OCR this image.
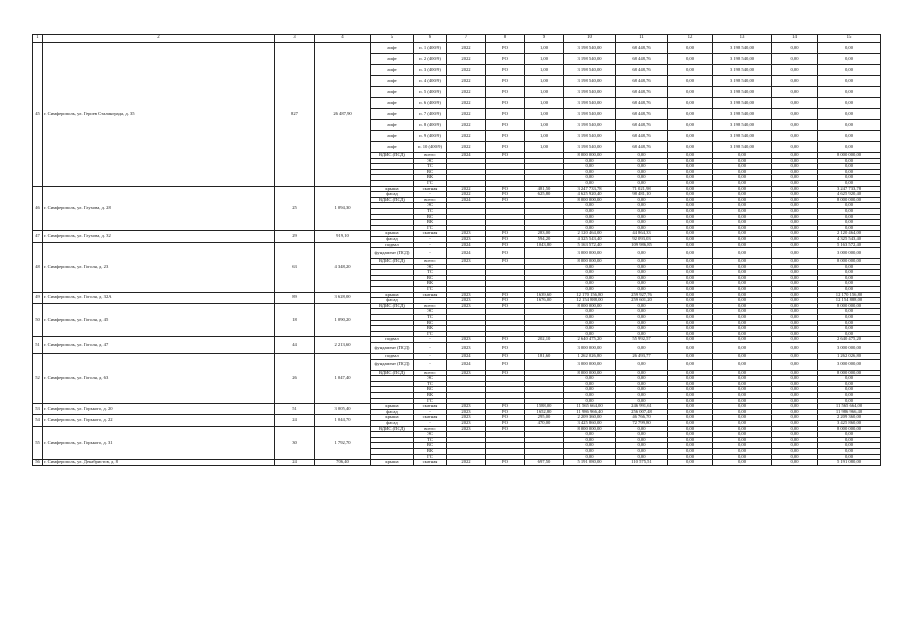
1	2	3	4	5	6	7	8	9	10	11	12	13	14	15
45	г. Симферополь, ул. Героев Сталинграда, д. 35	827	26 487,90	лифт	п. 1 (400/9)	2022	РО	1,00	3 198 540,00	68 448,76	0,00	3 198 540,00	0,00	0,00
				лифт	п. 2 (400/9)	2022	РО	1,00	3 198 540,00	68 448,76	0,00	3 198 540,00	0,00	0,00
				лифт	п. 3 (400/9)	2022	РО	1,00	3 198 540,00	68 448,76	0,00	3 198 540,00	0,00	0,00
				лифт	п. 4 (400/9)	2022	РО	1,00	3 198 540,00	68 448,76	0,00	3 198 540,00	0,00	0,00
				лифт	п. 5 (400/9)	2022	РО	1,00	3 198 540,00	68 448,76	0,00	3 198 540,00	0,00	0,00
				лифт	п. 6 (400/9)	2022	РО	1,00	3 198 540,00	68 448,76	0,00	3 198 540,00	0,00	0,00
				лифт	п. 7 (400/9)	2022	РО	1,00	3 198 540,00	68 448,76	0,00	3 198 540,00	0,00	0,00
				лифт	п. 8 (400/9)	2022	РО	1,00	3 198 540,00	68 448,76	0,00	3 198 540,00	0,00	0,00
				лифт	п. 9 (400/9)	2022	РО	1,00	3 198 540,00	68 448,76	0,00	3 198 540,00	0,00	0,00
				лифт	п. 10 (400/9)	2022	РО	1,00	3 198 540,00	68 448,76	0,00	3 198 540,00	0,00	0,00
				ВДИС (ПСД)	всего:	2024	РО		8 000 000,00	0,00	0,00	0,00	0,00	8 000 000,00
					ЭС				0,00	0,00	0,00	0,00	0,00	0,00
					ТС				0,00	0,00	0,00	0,00	0,00	0,00
					ВС				0,00	0,00	0,00	0,00	0,00	0,00
					ВК				0,00	0,00	0,00	0,00	0,00	0,00
					ГС				0,00	0,00	0,00	0,00	0,00	0,00
46	г. Симферополь, ул. Глухова, д. 28	25	1 094,30	крыша	скатная	2022	РО	481,50	3 247 733,78	71 021,98	0,00	0,00	0,00	3 247 733,78
				фасад	-	2022	РО	625,80	4 625 920,40	98 481,10	0,00	0,00	0,00	4 625 920,40
				ВДИС (ПСД)	всего:	2024	РО		8 000 000,00	0,00	0,00	0,00	0,00	8 000 000,00
					ЭС				0,00	0,00	0,00	0,00	0,00	0,00
					ТС				0,00	0,00	0,00	0,00	0,00	0,00
					ВС				0,00	0,00	0,00	0,00	0,00	0,00
					ВК				0,00	0,00	0,00	0,00	0,00	0,00
					ГС				0,00	0,00	0,00	0,00	0,00	0,00
47	г. Симферополь, ул. Глухова, д. 32	29	919,10	крыша	скатная	2023	РО	283,00	2 120 464,00	44 864,33	0,00	0,00	0,00	2 120 464,00
				фасад	-	2023	РО	594,20	4 325 543,40	92 093,03	0,00	0,00	0,00	4 325 543,40
48	г. Симферополь, ул. Гоголя, д. 23	63	4 348,20	подвал	-	2024	РО	1043,80	5 163 572,40	109 986,85	0,00	0,00	0,00	5 163 572,40
				фундамент (ПСД)	-	2024	РО		3 000 000,00	0,00	0,00	0,00	0,00	3 000 000,00
				ВДИС (ПСД)	всего:	2023	РО		8 000 000,00	0,00	0,00	0,00	0,00	8 000 000,00
					ЭС				0,00	0,00	0,00	0,00	0,00	0,00
					ТС				0,00	0,00	0,00	0,00	0,00	0,00
					ВС				0,00	0,00	0,00	0,00	0,00	0,00
					ВК				0,00	0,00	0,00	0,00	0,00	0,00
					ГС				0,00	0,00	0,00	0,00	0,00	0,00
49	г. Симферополь, ул. Гоголя, д. 32А	89	3 628,00	крыша	скатная	2023	РО	1639,60	12 170 156,80	259 927,76	0,00	0,00	0,00	12 170 156,80
				фасад	-	2023	РО	1676,00	12 154 888,00	259 601,20	0,00	0,00	0,00	12 154 888,00
50	г. Симферополь, ул. Гоголя, д. 45	18	1 090,20	ВДИС (ПСД)	всего:	2023	РО		8 000 000,00	0,00	0,00	0,00	0,00	8 000 000,00
					ЭС				0,00	0,00	0,00	0,00	0,00	0,00
					ТС				0,00	0,00	0,00	0,00	0,00	0,00
					ВС				0,00	0,00	0,00	0,00	0,00	0,00
					ВК				0,00	0,00	0,00	0,00	0,00	0,00
					ГС				0,00	0,00	0,00	0,00	0,00	0,00
51	г. Симферополь, ул. Гоголя, д. 47	44	2 213,60	подвал	-	2023	РО	202,10	2 640 475,20	55 992,57	0,00	0,00	0,00	2 640 475,20
				фундамент (ПСД)	-	2023	РО		3 000 000,00	0,00	0,00	0,00	0,00	3 000 000,00
52	г. Симферополь, ул. Гоголя, д. 63	26	1 047,40	подвал	-	2024	РО	181,60	1 262 026,80	26 493,77	0,00	0,00	0,00	1 262 026,80
				фундамент (ПСД)	-	2024	РО		3 000 000,00	0,00	0,00	0,00	0,00	3 000 000,00
				ВДИС (ПСД)	всего:	2023	РО		8 000 000,00	0,00	0,00	0,00	0,00	8 000 000,00
					ЭС				0,00	0,00	0,00	0,00	0,00	0,00
					ТС				0,00	0,00	0,00	0,00	0,00	0,00
					ВС				0,00	0,00	0,00	0,00	0,00	0,00
					ВК				0,00	0,00	0,00	0,00	0,00	0,00
					ГС				0,00	0,00	0,00	0,00	0,00	0,00
53	г. Симферополь, ул. Горького, д. 20	51	3 005,40	крыша	скатная	2023	РО	1588,00	11 565 664,00	246 991,61	0,00	0,00	0,00	11 565 664,00
				фасад	-	2023	РО	1652,80	11 986 966,40	256 007,48	0,00	0,00	0,00	11 986 966,40
54	г. Симферополь, ул. Горького, д. 22	24	1 044,70	крыша	скатная	2023	РО	295,00	2 209 360,00	46 766,70	0,00	0,00	0,00	2 209 360,00
				фасад	-	2023	РО	470,00	3 425 860,00	72 799,80	0,00	0,00	0,00	3 425 860,00
55	г. Симферополь, ул. Горького, д. 31	30	1 792,70	ВДИС (ПСД)	всего:	2023	РО		8 000 000,00	0,00	0,00	0,00	0,00	8 000 000,00
					ЭС				0,00	0,00	0,00	0,00	0,00	0,00
					ТС				0,00	0,00	0,00	0,00	0,00	0,00
					ВС				0,00	0,00	0,00	0,00	0,00	0,00
					ВК				0,00	0,00	0,00	0,00	0,00	0,00
					ГС				0,00	0,00	0,00	0,00	0,00	0,00
56	г. Симферополь, ул. Декабристов, д. 8	24	706,40	крыша	скатная	2022	РО	697,50	5 191 080,00	110 575,51	0,00	0,00	0,00	5 191 080,00
